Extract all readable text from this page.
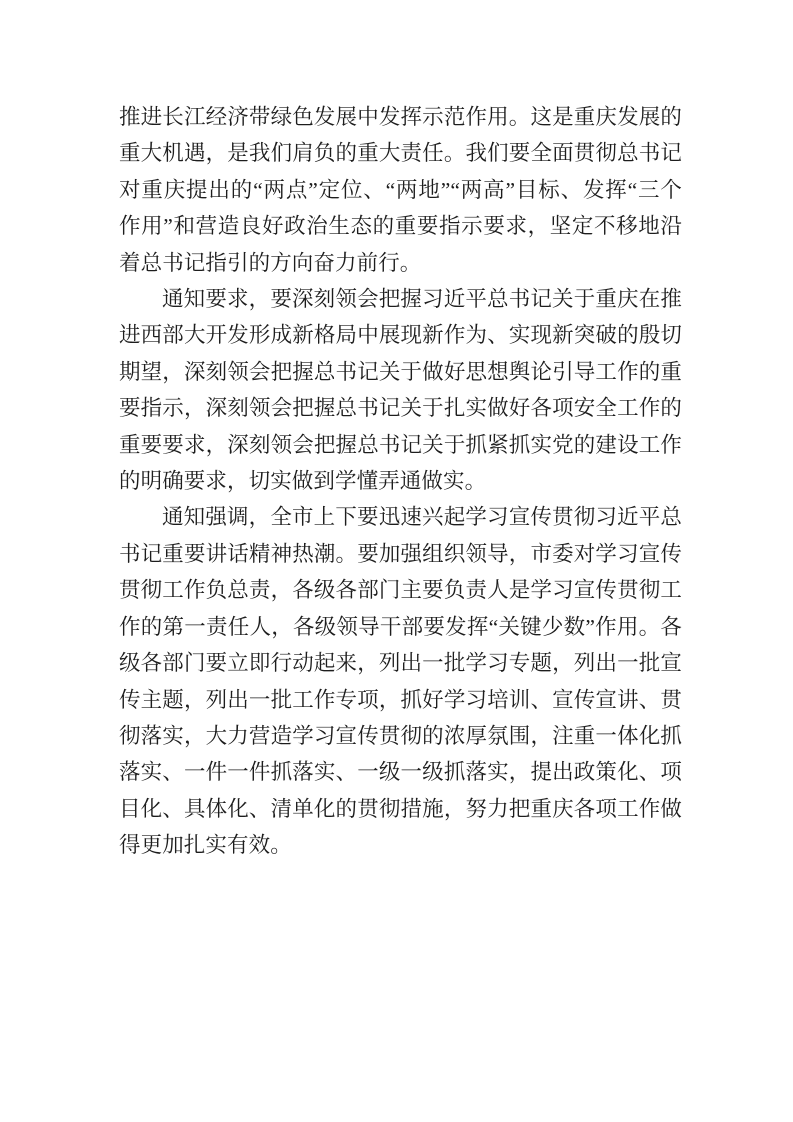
推进长江经济带绿色发展中发挥示范作用。这是重庆发展的重大机遇，是我们肩负的重大责任。我们要全面贯彻总书记对重庆提出的“两点”定位、“两地”“两高”目标、发挥“三个作用”和营造良好政治生态的重要指示要求，坚定不移地沿着总书记指引的方向奋力前行。

通知要求，要深刻领会把握习近平总书记关于重庆在推进西部大开发形成新格局中展现新作为、实现新突破的殷切期望，深刻领会把握总书记关于做好思想舆论引导工作的重要指示，深刻领会把握总书记关于扎实做好各项安全工作的重要要求，深刻领会把握总书记关于抓紧抓实党的建设工作的明确要求，切实做到学懂弄通做实。

通知强调，全市上下要迅速兴起学习宣传贯彻习近平总书记重要讲话精神热潮。要加强组织领导，市委对学习宣传贯彻工作负总责，各级各部门主要负责人是学习宣传贯彻工作的第一责任人，各级领导干部要发挥“关键少数”作用。各级各部门要立即行动起来，列出一批学习专题，列出一批宣传主题，列出一批工作专项，抓好学习培训、宣传宣讲、贯彻落实，大力营造学习宣传贯彻的浓厚氛围，注重一体化抓落实、一件一件抓落实、一级一级抓落实，提出政策化、项目化、具体化、清单化的贯彻措施，努力把重庆各项工作做得更加扎实有效。
